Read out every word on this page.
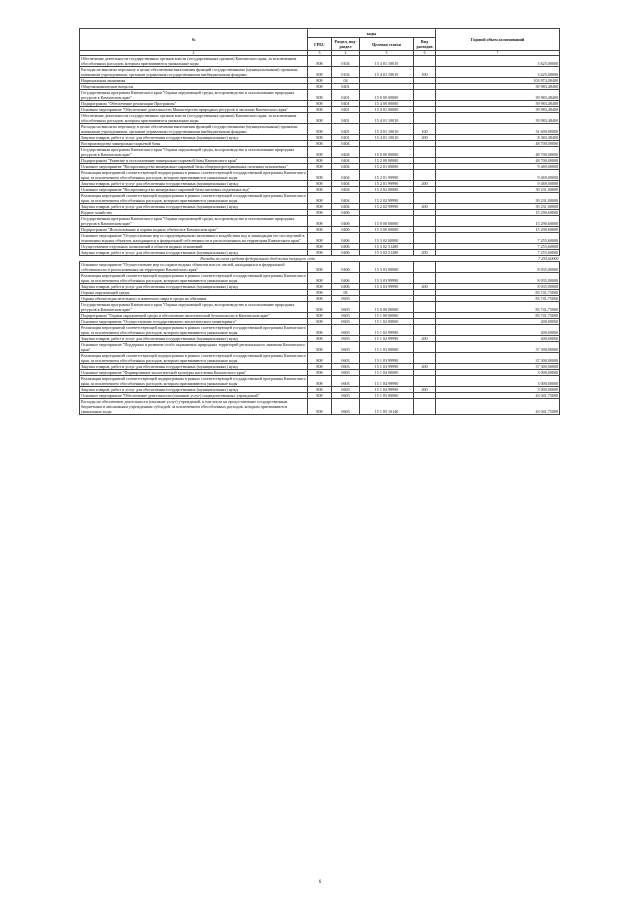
№	коды				Годовой объем ассигнований
	ГРБС	Раздел, под-раздел	Целевая статья	Вид расходов	
2	3	4	5	6	7
Обеспечение деятельности государственных органов власти (государственных органов) Камчатского края, за исключением обособленных расходов, которым присваиваются уникальные коды	808	0104	15 4 01 10010		3 625,00000
Расходы на выплаты персоналу в целях обеспечения выполнения функций государственными (муниципальными) органами, казенными учреждениями, органами управления государственными внебюджетными фондами	808	0104	15 4 01 10010	100	3 625,00000
Национальная экономика	808	04			103 974,08400
Общеэкономические вопросы	808	0401			39 983,48400
Государственная программа Камчатского края "Охрана окружающей среды, воспроизводство и использование природных ресурсов в Камчатском крае"	808	0401	15 0 00 00000		39 983,48400
Подпрограмма "Обеспечение реализации Программы"	808	0401	15 4 00 00000		39 983,48400
Основное мероприятие "Обеспечение деятельности Министерства природных ресурсов и экологии Камчатского края"	808	0401	15 4 01 00000		39 983,48400
Обеспечение деятельности государственных органов власти (государственных органов) Камчатского края, за исключением обособленных расходов, которым присваиваются уникальные коды	808	0401	15 4 01 10010		39 983,48400
Расходы на выплаты персоналу в целях обеспечения выполнения функций государственными (муниципальными) органами, казенными учреждениями, органами управления государственными внебюджетными фондами	808	0401	15 4 01 10010	100	31 600,00000
Закупка товаров, работ и услуг для обеспечения государственных (муниципальных) нужд	808	0401	15 4 01 10010	200	8 383,48400
Воспроизводство минерально-сырьевой базы	808	0404			48 700,00000
Государственная программа Камчатского края "Охрана окружающей среды, воспроизводство и использование природных ресурсов в Камчатском крае"	808	0404	15 0 00 00000		48 700,00000
Подпрограмма "Развитие и использование минерально-сырьевой базы Камчатского края"	808	0404	15 2 00 00000		48 700,00000
Основное мероприятие "Воспроизводство минерально-сырьевой базы общераспространенных полезных ископаемых"	808	0404	15 2 01 00000		9 469,00000
Реализация мероприятий соответствующей подпрограммы в рамках соответствующей государственной программы Камчатского края, за исключением обособленных расходов, которым присваиваются уникальные коды	808	0404	15 2 01 99990		9 469,00000
Закупка товаров, работ и услуг для обеспечения государственных (муниципальных) нужд	808	0404	15 2 01 99990	200	9 469,00000
Основное мероприятие "Воспроизводство минерально-сырьевой базы питьевых подземных вод"	808	0404	15 2 02 00000		39 231,00000
Реализация мероприятий соответствующей подпрограммы в рамках соответствующей государственной программы Камчатского края, за исключением обособленных расходов, которым присваиваются уникальные коды	808	0404	15 2 02 99990		39 231,00000
Закупка товаров, работ и услуг для обеспечения государственных (муниципальных) нужд	808	0404	15 2 02 99990	200	39 231,00000
Водное хозяйство	808	0406			15 290,60000
Государственная программа Камчатского края "Охрана окружающей среды, воспроизводство и использование природных ресурсов в Камчатском крае"	808	0406	15 0 00 00000		15 290,60000
Подпрограмма "Использование и охрана водных объектов в Камчатском крае"	808	0406	15 3 00 00000		15 290,60000
Основное мероприятие "Осуществление мер по предотвращению негативного воздействия вод и ликвидации его последствий в отношении водных объектов, находящихся в федеральной собственности и расположенных на территории Камчатского края"	808	0406	15 3 02 00000		7 255,60000
Осуществление отдельных полномочий в области водных отношений	808	0406	15 3 02 51280		7 255,60000
Закупка товаров, работ и услуг для обеспечения государственных (муниципальных) нужд	808	0406	15 3 02 51280	200	7 255,60000
Расходы за счет средств федерального бюджета текущего года					7 255,60000
Основное мероприятие "Осуществление мер по охране водных объектов или их частей, находящихся в федеральной собственности и расположенных на территории Камчатского края"	808	0406	15 3 03 00000		8 035,00000
Реализация мероприятий соответствующей подпрограммы в рамках соответствующей государственной программы Камчатского края, за исключением обособленных расходов, которым присваиваются уникальные коды	808	0406	15 3 03 99990		8 035,00000
Закупка товаров, работ и услуг для обеспечения государственных (муниципальных) нужд	808	0406	15 3 03 99990	200	8 035,00000
Охрана окружающей среды	808	06			83 741,75000
Охрана объектов растительного и животного мира и среды их обитания	808	0603			83 741,75000
Государственная программа Камчатского края "Охрана окружающей среды, воспроизводство и использование природных ресурсов в Камчатском крае"	808	0603	15 0 00 00000		83 741,75000
Подпрограмма "Охрана окружающей среды и обеспечение экологической безопасности в Камчатском крае"	808	0603	15 1 00 00000		83 741,75000
Основное мероприятие "Осуществление государственного экологического мониторинга"	808	0603	15 1 02 00000		400,00000
Реализация мероприятий соответствующей подпрограммы в рамках соответствующей государственной программы Камчатского края, за исключением обособленных расходов, которым присваиваются уникальные коды	808	0603	15 1 02 99990		400,00000
Закупка товаров, работ и услуг для обеспечения государственных (муниципальных) нужд	808	0603	15 1 02 99990	200	400,00000
Основное мероприятие "Поддержка и развитие особо охраняемых природных территорий регионального значения Камчатского края"	808	0603	15 1 03 00000		37 300,00000
Реализация мероприятий соответствующей подпрограммы в рамках соответствующей государственной программы Камчатского края, за исключением обособленных расходов, которым присваиваются уникальные коды	808	0603	15 1 03 99990		37 300,00000
Закупка товаров, работ и услуг для обеспечения государственных (муниципальных) нужд	808	0603	15 1 03 99990	200	37 300,00000
Основное мероприятие "Формирование экологической культуры населения Камчатского края"	808	0603	15 1 04 00000		3 000,00000
Реализация мероприятий соответствующей подпрограммы в рамках соответствующей государственной программы Камчатского края, за исключением обособленных расходов, которым присваиваются уникальные коды	808	0603	15 1 04 99990		3 000,00000
Закупка товаров, работ и услуг для обеспечения государственных (муниципальных) нужд	808	0603	15 1 04 99990	200	3 000,00000
Основное мероприятие "Обеспечение деятельности (оказание услуг) подведомственных учреждений"	808	0603	15 1 05 00000		43 041,75000
Расходы на обеспечение деятельности (оказание услуг) учреждений, в том числе на предоставление государственным бюджетным и автономным учреждениям субсидий, за исключением обособленных расходов, которым присваиваются уникальные коды	808	0603	15 1 05 10140		43 041,75000
6
